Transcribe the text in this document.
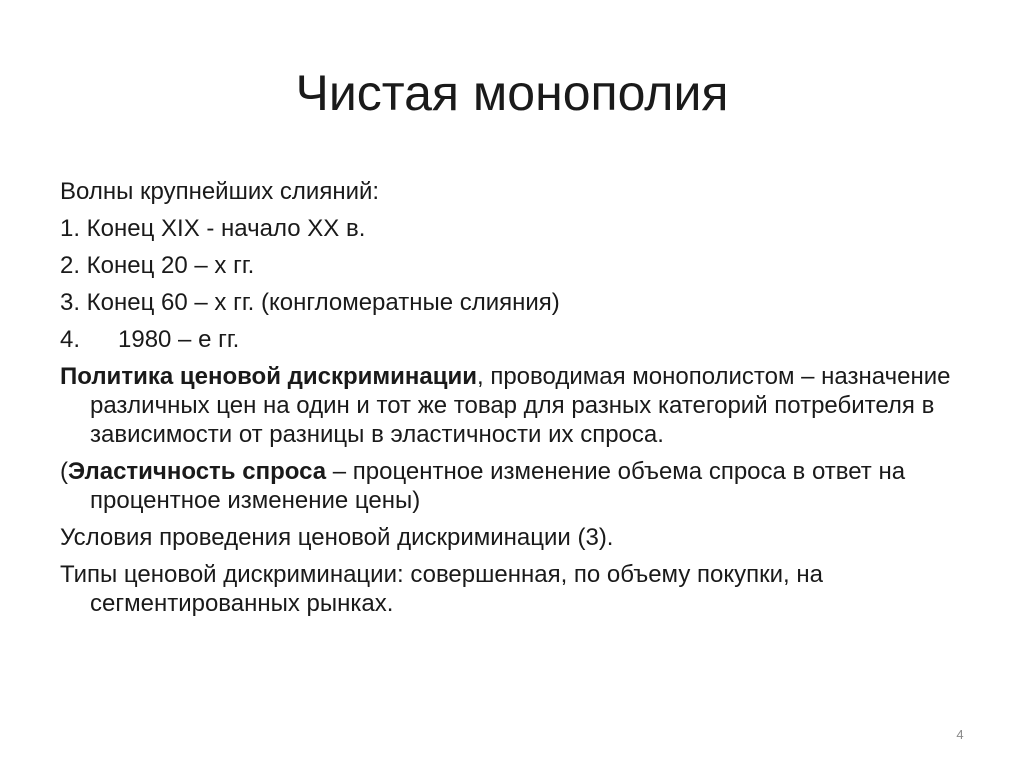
Чистая монополия
Волны крупнейших слияний:
1. Конец XIX - начало XX в.
2. Конец 20 – х гг.
3. Конец 60 – х гг. (конгломератные слияния)
4. 1980 – е гг.
Политика ценовой дискриминации, проводимая монополистом – назначение различных цен на один и тот же товар для разных категорий потребителя в зависимости от разницы в эластичности их спроса.
(Эластичность спроса – процентное изменение объема спроса в ответ на процентное изменение цены)
Условия проведения ценовой дискриминации (3).
Типы ценовой дискриминации: совершенная, по объему покупки, на сегментированных рынках.
4
